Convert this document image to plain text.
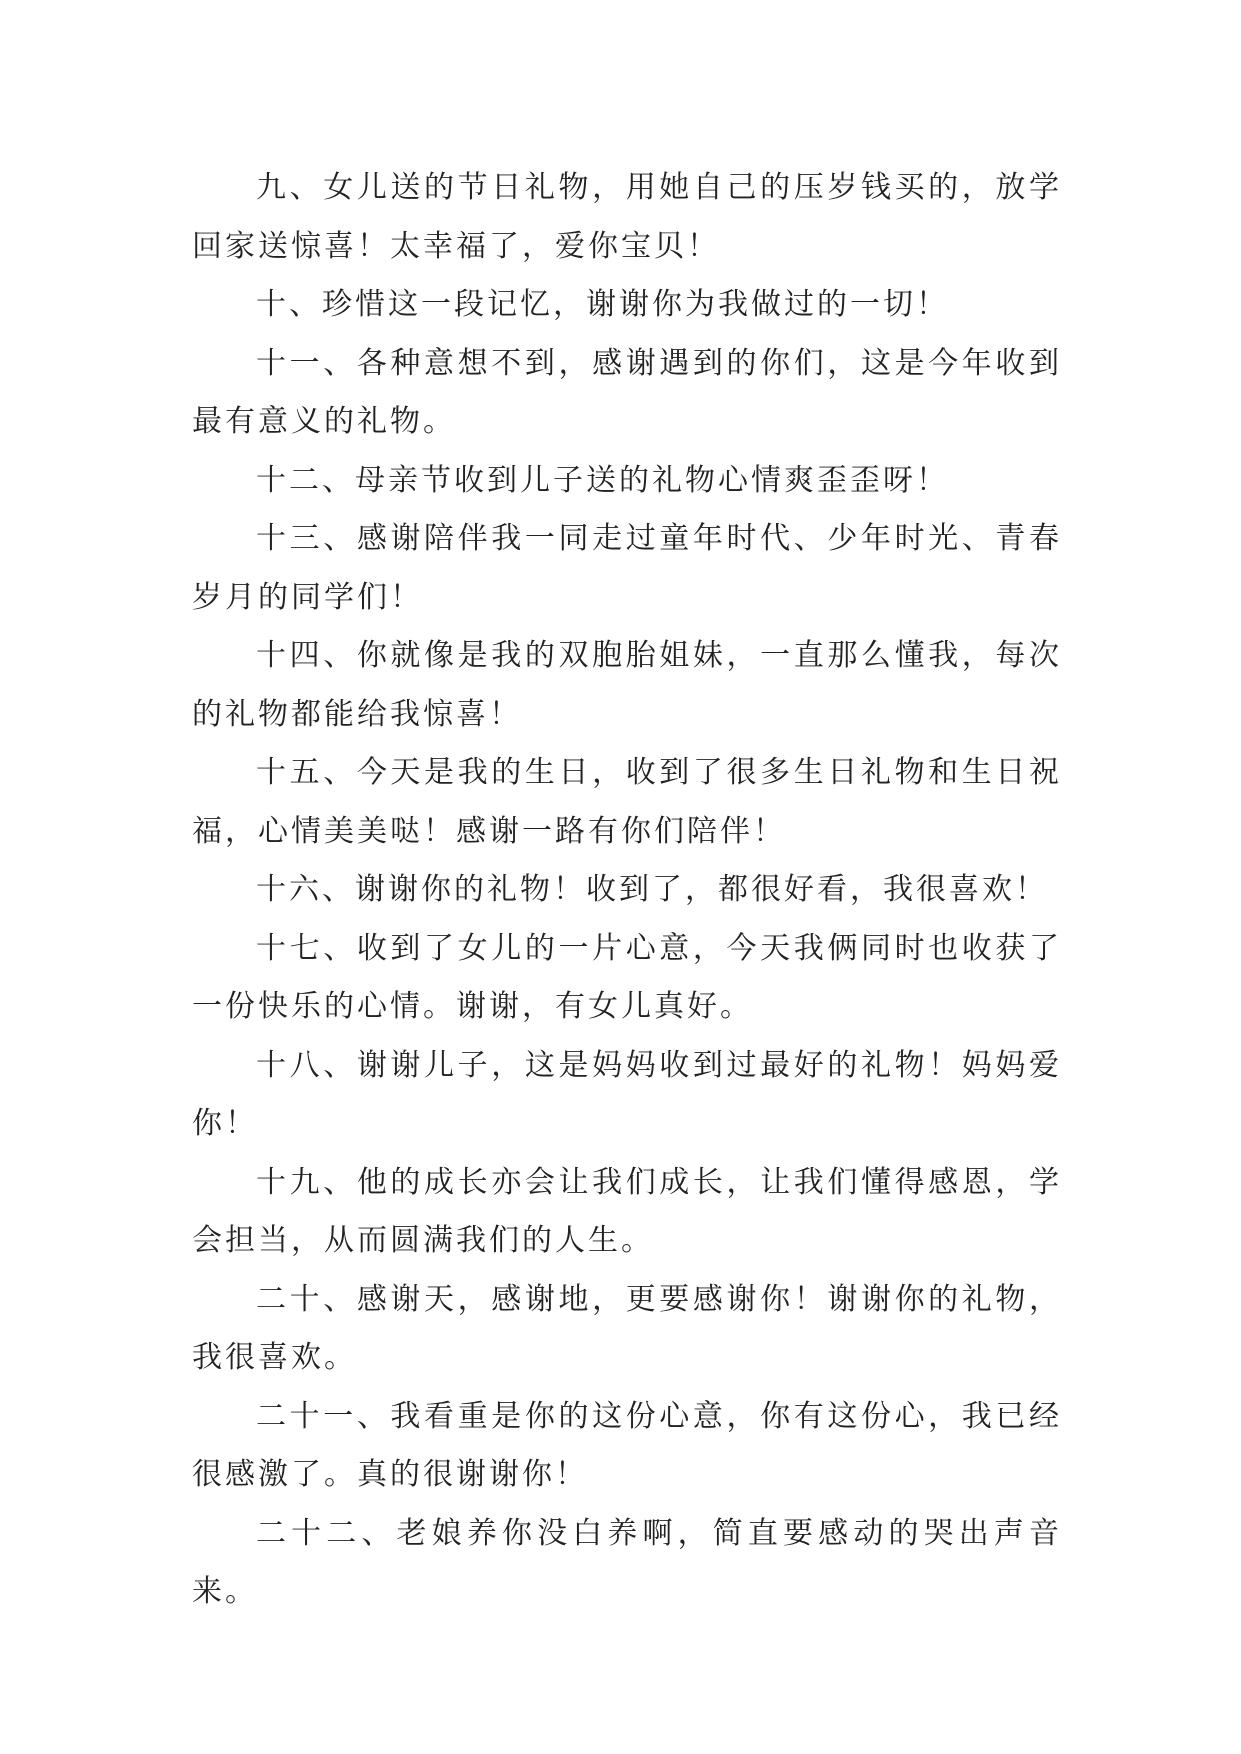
九、女儿送的节日礼物，用她自己的压岁钱买的，放学回家送惊喜！太幸福了，爱你宝贝！

十、珍惜这一段记忆，谢谢你为我做过的一切！

十一、各种意想不到，感谢遇到的你们，这是今年收到最有意义的礼物。

十二、母亲节收到儿子送的礼物心情爽歪歪呀！

十三、感谢陪伴我一同走过童年时代、少年时光、青春岁月的同学们！

十四、你就像是我的双胞胎姐妹，一直那么懂我，每次的礼物都能给我惊喜！

十五、今天是我的生日，收到了很多生日礼物和生日祝福，心情美美哒！感谢一路有你们陪伴！

十六、谢谢你的礼物！收到了，都很好看，我很喜欢！

十七、收到了女儿的一片心意，今天我俩同时也收获了一份快乐的心情。谢谢，有女儿真好。

十八、谢谢儿子，这是妈妈收到过最好的礼物！妈妈爱你！

十九、他的成长亦会让我们成长，让我们懂得感恩，学会担当，从而圆满我们的人生。

二十、感谢天，感谢地，更要感谢你！谢谢你的礼物，我很喜欢。

二十一、我看重是你的这份心意，你有这份心，我已经很感激了。真的很谢谢你！

二十二、老娘养你没白养啊，简直要感动的哭出声音来。
